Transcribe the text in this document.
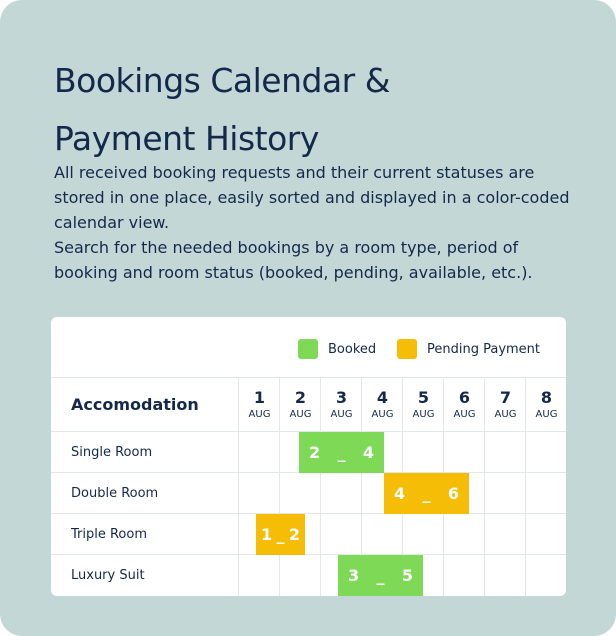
Bookings Calendar &
Payment History

All received booking requests and their current statuses are stored in one place, easily sorted and displayed in a color-coded calendar view.

Search for the needed bookings by a room type, period of booking and room status (booked, pending, available, etc.).

Booked	Pending Payment
Accomodation	1
AUG
2
AUG
3
AUG
4
AUG
5
AUG
6
AUG
7
AUG
8
AUG
Single Room
Double Room
Triple Room
Luxury Suit
2 _ 4
4 _ 6
1 _ 2
3 _ 5
